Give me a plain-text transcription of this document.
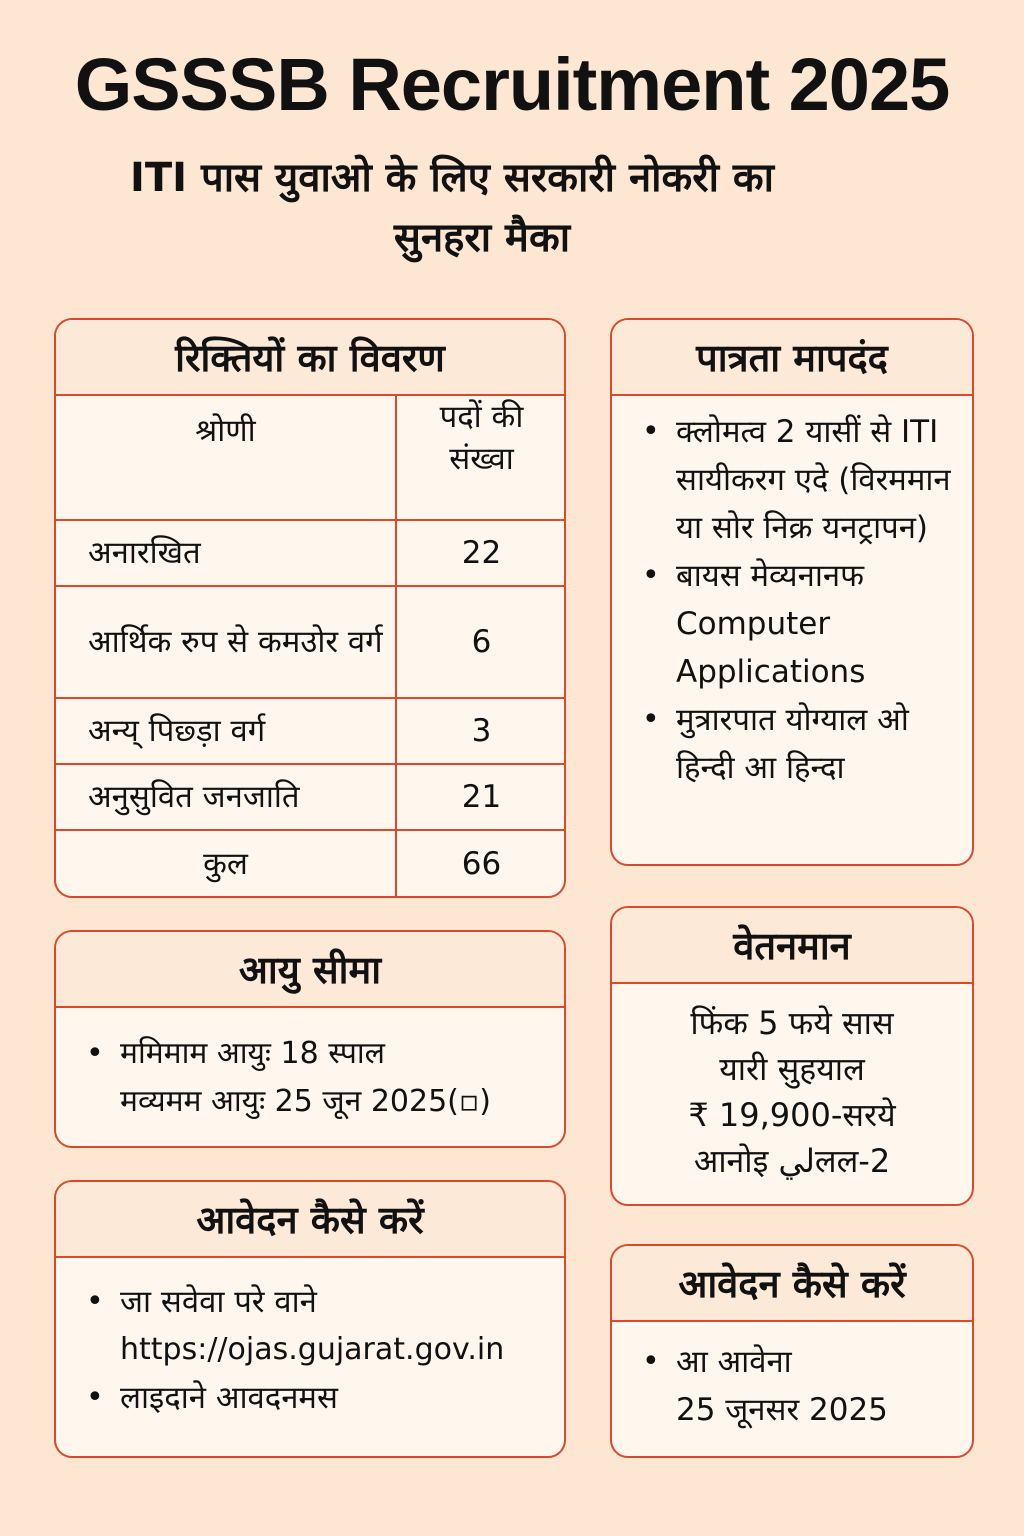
GSSSB Recruitment 2025
ITI पास युवाओ के लिए सरकारी नोकरी का
सुनहरा मैका
रिक्तियों का विवरण
श्रोणी	पदों की संख्वा
अनारखित	22
आर्थिक रुप से कमउोर वर्ग	6
अन्य् पिछ्ड़ा वर्ग	3
अनुसुवित जनजाति	21
कुल	66
पात्रता मापदंद
• क्लोमत्व 2 यासीं से ITI सायीकरग एदे (विरममान या सोर निक्र यनट्रापन)
• बायस मेव्यनानफ Computer Applications
• मुत्रारपात योग्याल ओ हिन्दी आ हिन्दा
आयु सीमा
• ममिमाम आयुः 18 स्पाल
मव्यमम आयुः 25 जून 2025(▫)
वेतनमान
फिंक 5 फये सास
यारी सुहयाल
₹ 19,900-सरये
आनोइ ليलल-2
आवेदन कैसे करें
• जा सवेवा परे वाने
https://ojas.gujarat.gov.in
• लाइदाने आवदनमस
आवेदन कैसे करें
• आ आवेना
25 जूनसर 2025
